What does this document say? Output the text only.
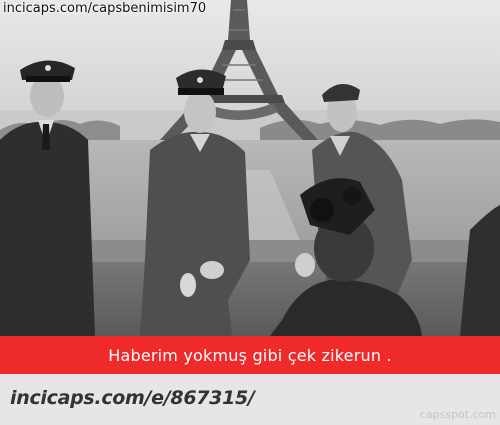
incicaps.com/capsbenimisim70
Haberim yokmuş gibi çek zikerun .
incicaps.com/e/867315/
capsspot.com
